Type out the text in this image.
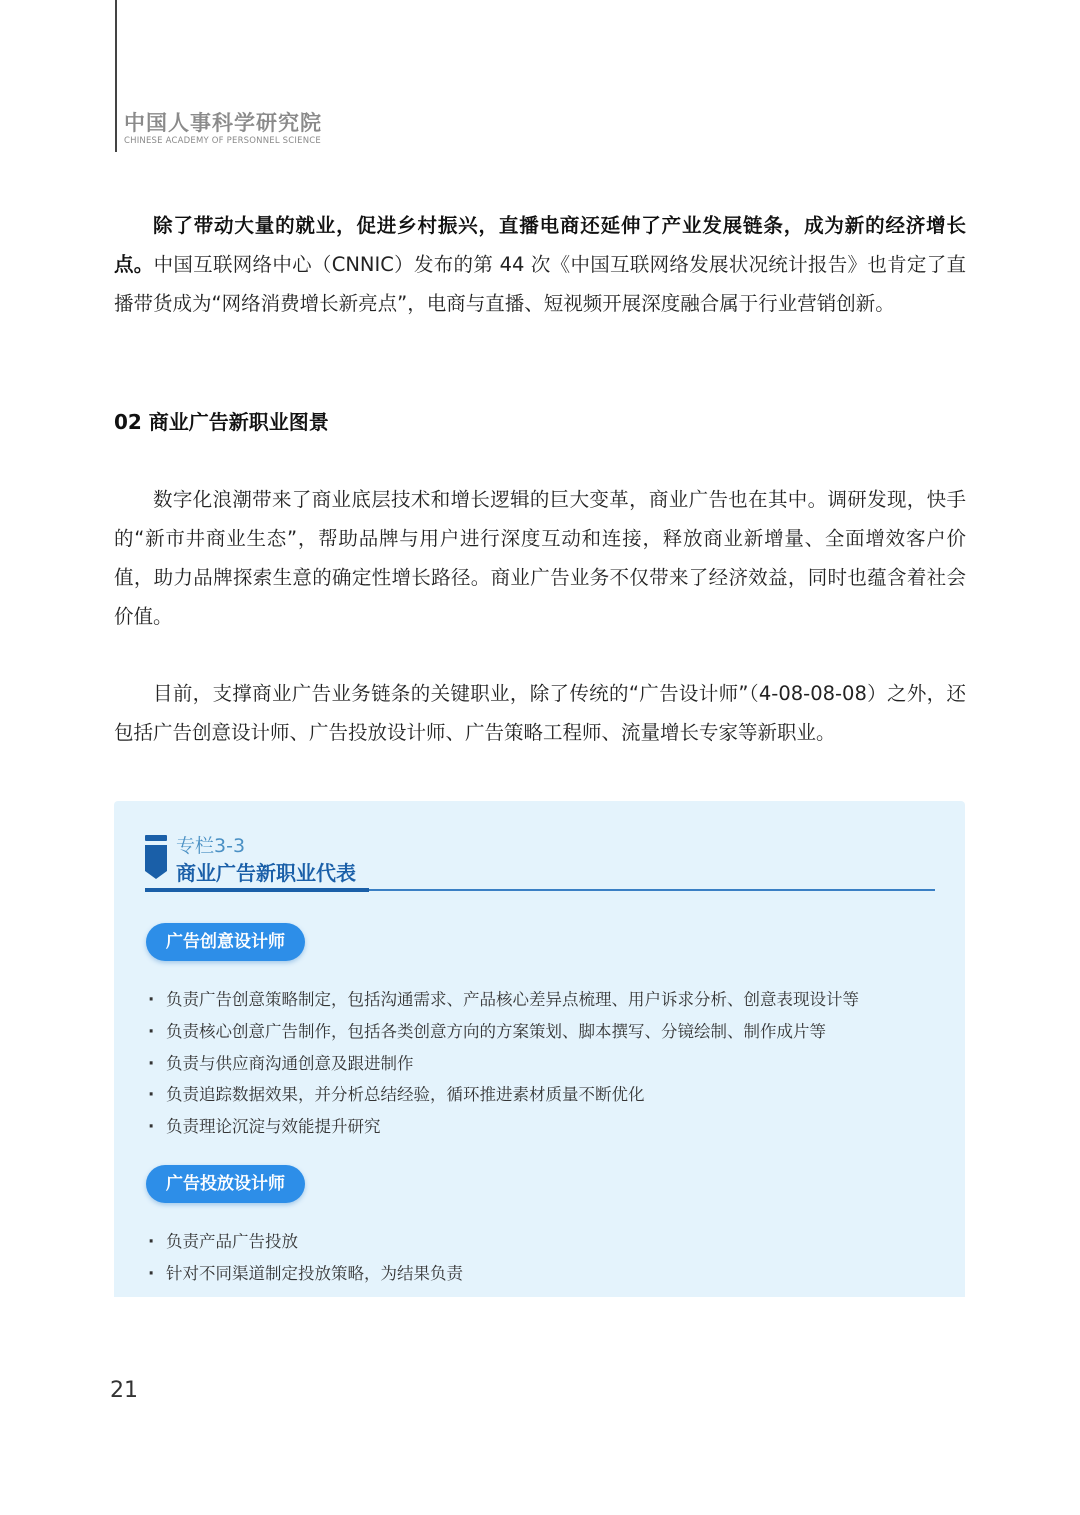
中国人事科学研究院
CHINESE ACADEMY OF PERSONNEL SCIENCE

除了带动大量的就业，促进乡村振兴，直播电商还延伸了产业发展链条，成为新的经济增长点。中国互联网络中心（CNNIC）发布的第 44 次《中国互联网络发展状况统计报告》也肯定了直播带货成为“网络消费增长新亮点”，电商与直播、短视频开展深度融合属于行业营销创新。

02 商业广告新职业图景

数字化浪潮带来了商业底层技术和增长逻辑的巨大变革，商业广告也在其中。调研发现，快手的“新市井商业生态”，帮助品牌与用户进行深度互动和连接，释放商业新增量、全面增效客户价值，助力品牌探索生意的确定性增长路径。商业广告业务不仅带来了经济效益，同时也蕴含着社会价值。

目前，支撑商业广告业务链条的关键职业，除了传统的“广告设计师”（4-08-08-08）之外，还包括广告创意设计师、广告投放设计师、广告策略工程师、流量增长专家等新职业。

专栏3-3
商业广告新职业代表
广告创意设计师
· 负责广告创意策略制定，包括沟通需求、产品核心差异点梳理、用户诉求分析、创意表现设计等
· 负责核心创意广告制作，包括各类创意方向的方案策划、脚本撰写、分镜绘制、制作成片等
· 负责与供应商沟通创意及跟进制作
· 负责追踪数据效果，并分析总结经验，循环推进素材质量不断优化
· 负责理论沉淀与效能提升研究
广告投放设计师
· 负责产品广告投放
· 针对不同渠道制定投放策略，为结果负责
21
